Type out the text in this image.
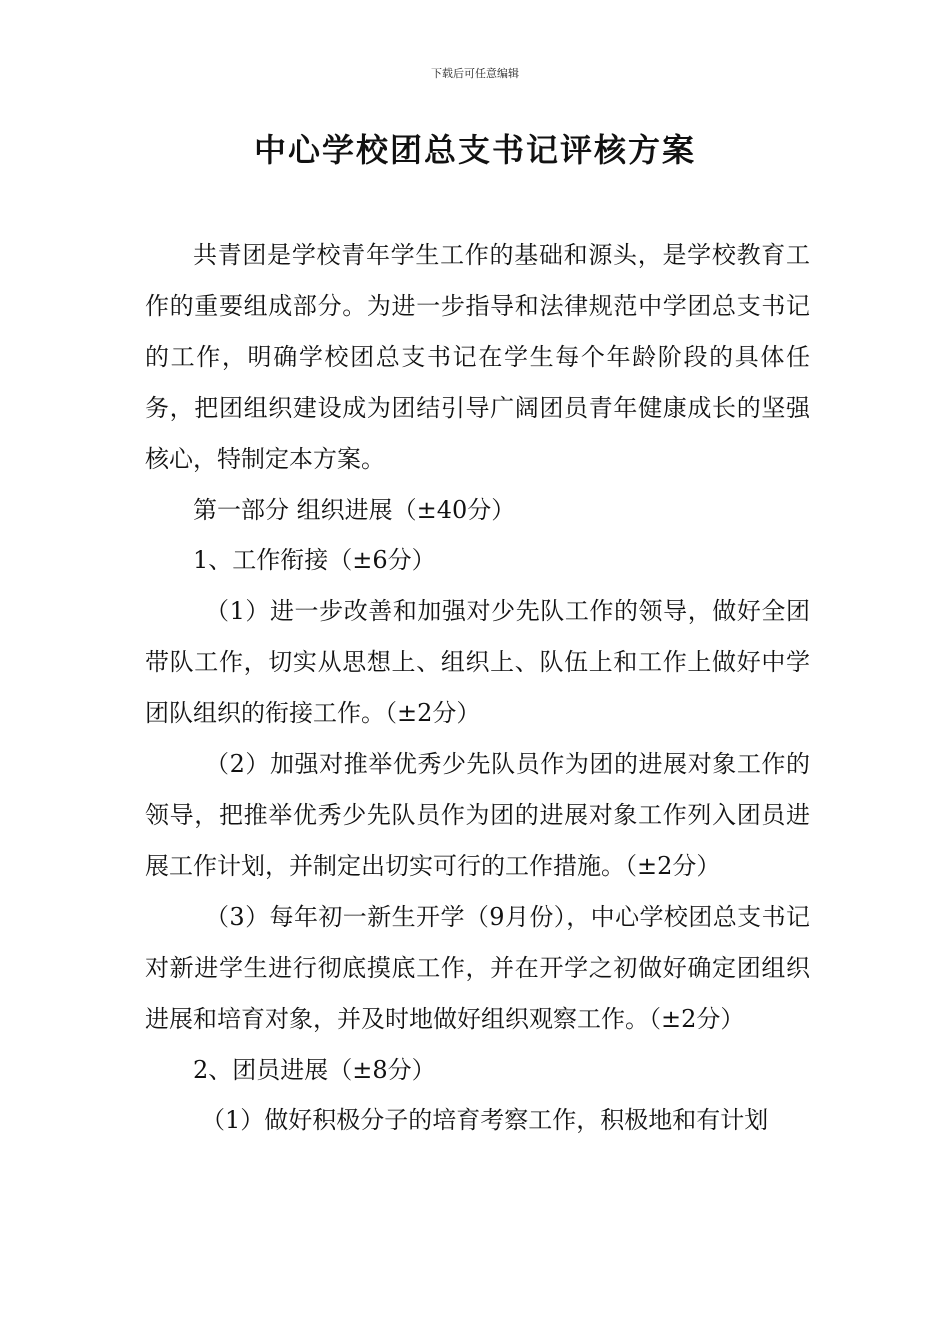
下载后可任意编辑
中心学校团总支书记评核方案

共青团是学校青年学生工作的基础和源头，是学校教育工作的重要组成部分。为进一步指导和法律规范中学团总支书记的工作，明确学校团总支书记在学生每个年龄阶段的具体任务，把团组织建设成为团结引导广阔团员青年健康成长的坚强核心，特制定本方案。

第一部分 组织进展（±40分）

1、工作衔接（±6分）

（1）进一步改善和加强对少先队工作的领导，做好全团带队工作，切实从思想上、组织上、队伍上和工作上做好中学团队组织的衔接工作。（±2分）

（2）加强对推举优秀少先队员作为团的进展对象工作的领导，把推举优秀少先队员作为团的进展对象工作列入团员进展工作计划，并制定出切实可行的工作措施。（±2分）

（3）每年初一新生开学（9月份），中心学校团总支书记对新进学生进行彻底摸底工作，并在开学之初做好确定团组织进展和培育对象，并及时地做好组织观察工作。（±2分）

2、团员进展（±8分）

（1）做好积极分子的培育考察工作，积极地和有计划
